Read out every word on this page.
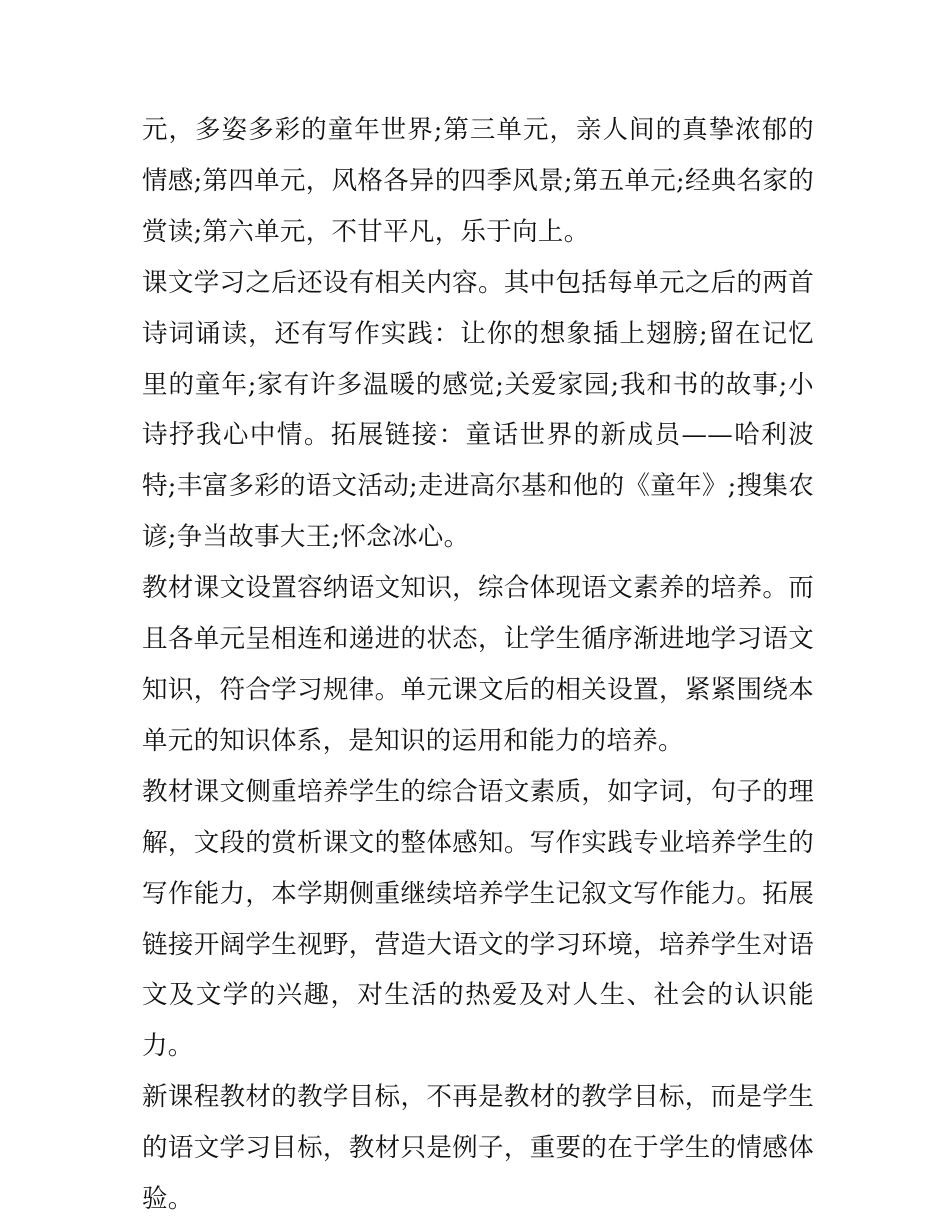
元，多姿多彩的童年世界;第三单元，亲人间的真挚浓郁的情感;第四单元，风格各异的四季风景;第五单元;经典名家的赏读;第六单元，不甘平凡，乐于向上。

课文学习之后还设有相关内容。其中包括每单元之后的两首诗词诵读，还有写作实践：让你的想象插上翅膀;留在记忆里的童年;家有许多温暖的感觉;关爱家园;我和书的故事;小诗抒我心中情。拓展链接：童话世界的新成员——哈利波特;丰富多彩的语文活动;走进高尔基和他的《童年》;搜集农谚;争当故事大王;怀念冰心。

教材课文设置容纳语文知识，综合体现语文素养的培养。而且各单元呈相连和递进的状态，让学生循序渐进地学习语文知识，符合学习规律。单元课文后的相关设置，紧紧围绕本单元的知识体系，是知识的运用和能力的培养。

教材课文侧重培养学生的综合语文素质，如字词，句子的理解，文段的赏析课文的整体感知。写作实践专业培养学生的写作能力，本学期侧重继续培养学生记叙文写作能力。拓展链接开阔学生视野，营造大语文的学习环境，培养学生对语文及文学的兴趣，对生活的热爱及对人生、社会的认识能力。

新课程教材的教学目标，不再是教材的教学目标，而是学生的语文学习目标，教材只是例子，重要的在于学生的情感体验。
